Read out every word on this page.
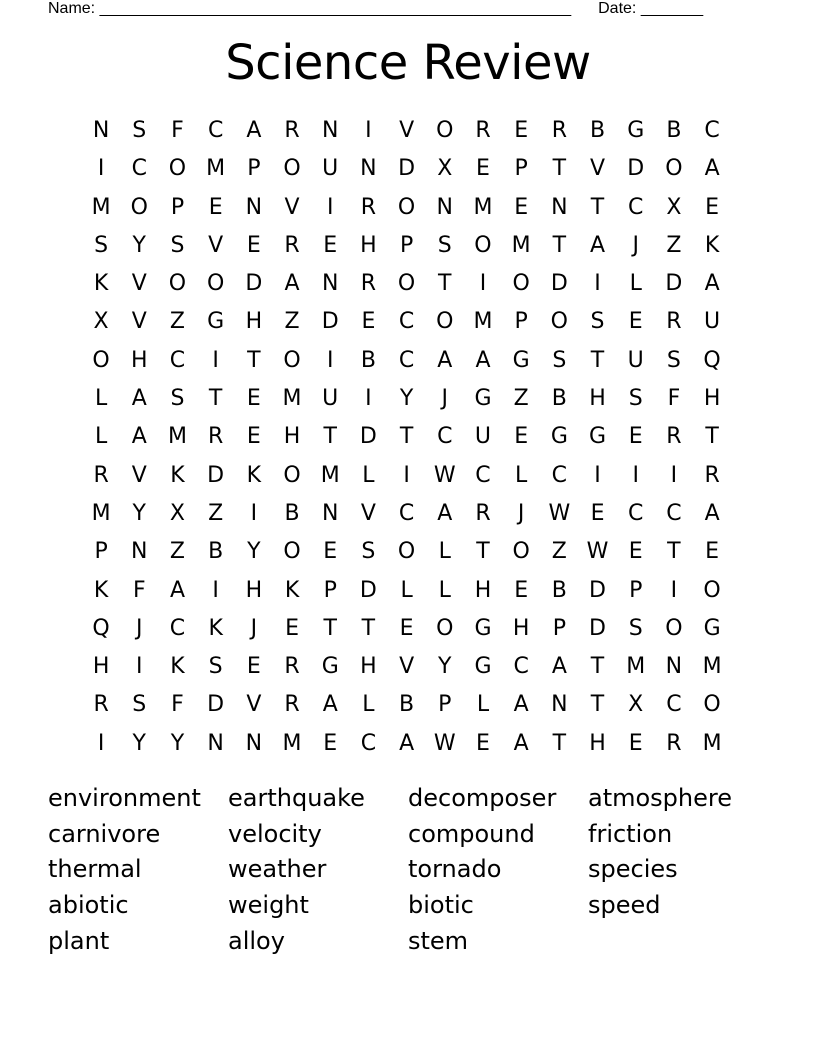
Name: _____________________________________________________ Date: _______
Science Review
N	S	F	C	A	R	N	I	V O R	E	R	B	G	B	C
I	C O M	P	O U N D	X	E	P	T	V	D O	A
M O	P	E	N	V	I	R O N M E	N	T	C	X	E
S	Y	S	V	E	R	E	H	P	S	O M T	A	J	Z	K
K	V O O D	A	N	R O	T	I	O D	I	L	D	A
X	V	Z	G H	Z	D	E	C O M	P	O	S	E	R	U
O H	C	I	T	O	I	B	C	A	A	G	S	T	U	S	Q
L	A	S	T	E M U	I	Y	J	G	Z	B	H	S	F	H
L	A M R	E	H	T	D	T	C	U	E	G G	E	R	T
R	V	K	D	K	O M	L	I	W C	L	C	I	I	I	R
M Y	X	Z	I	B	N	V	C	A	R	J	W E	C	C	A
P	N	Z	B	Y	O	E	S	O	L	T	O Z W E	T	E
K	F	A	I	H	K	P	D	L	L	H	E	B	D	P	I	O
Q	J	C	K	J	E	T	T	E	O G H	P	D	S	O G
H	I	K	S	E	R	G H	V	Y	G C	A	T M N M
R	S	F	D	V	R	A	L	B	P	L	A	N	T	X	C O
I	Y	Y	N N M E	C	A W E	A	T	H	E	R M
environment	earthquake	decomposer	atmosphere
carnivore	velocity	compound	friction
thermal	weather	tornado	species
abiotic	weight	biotic	speed
plant	alloy	stem
